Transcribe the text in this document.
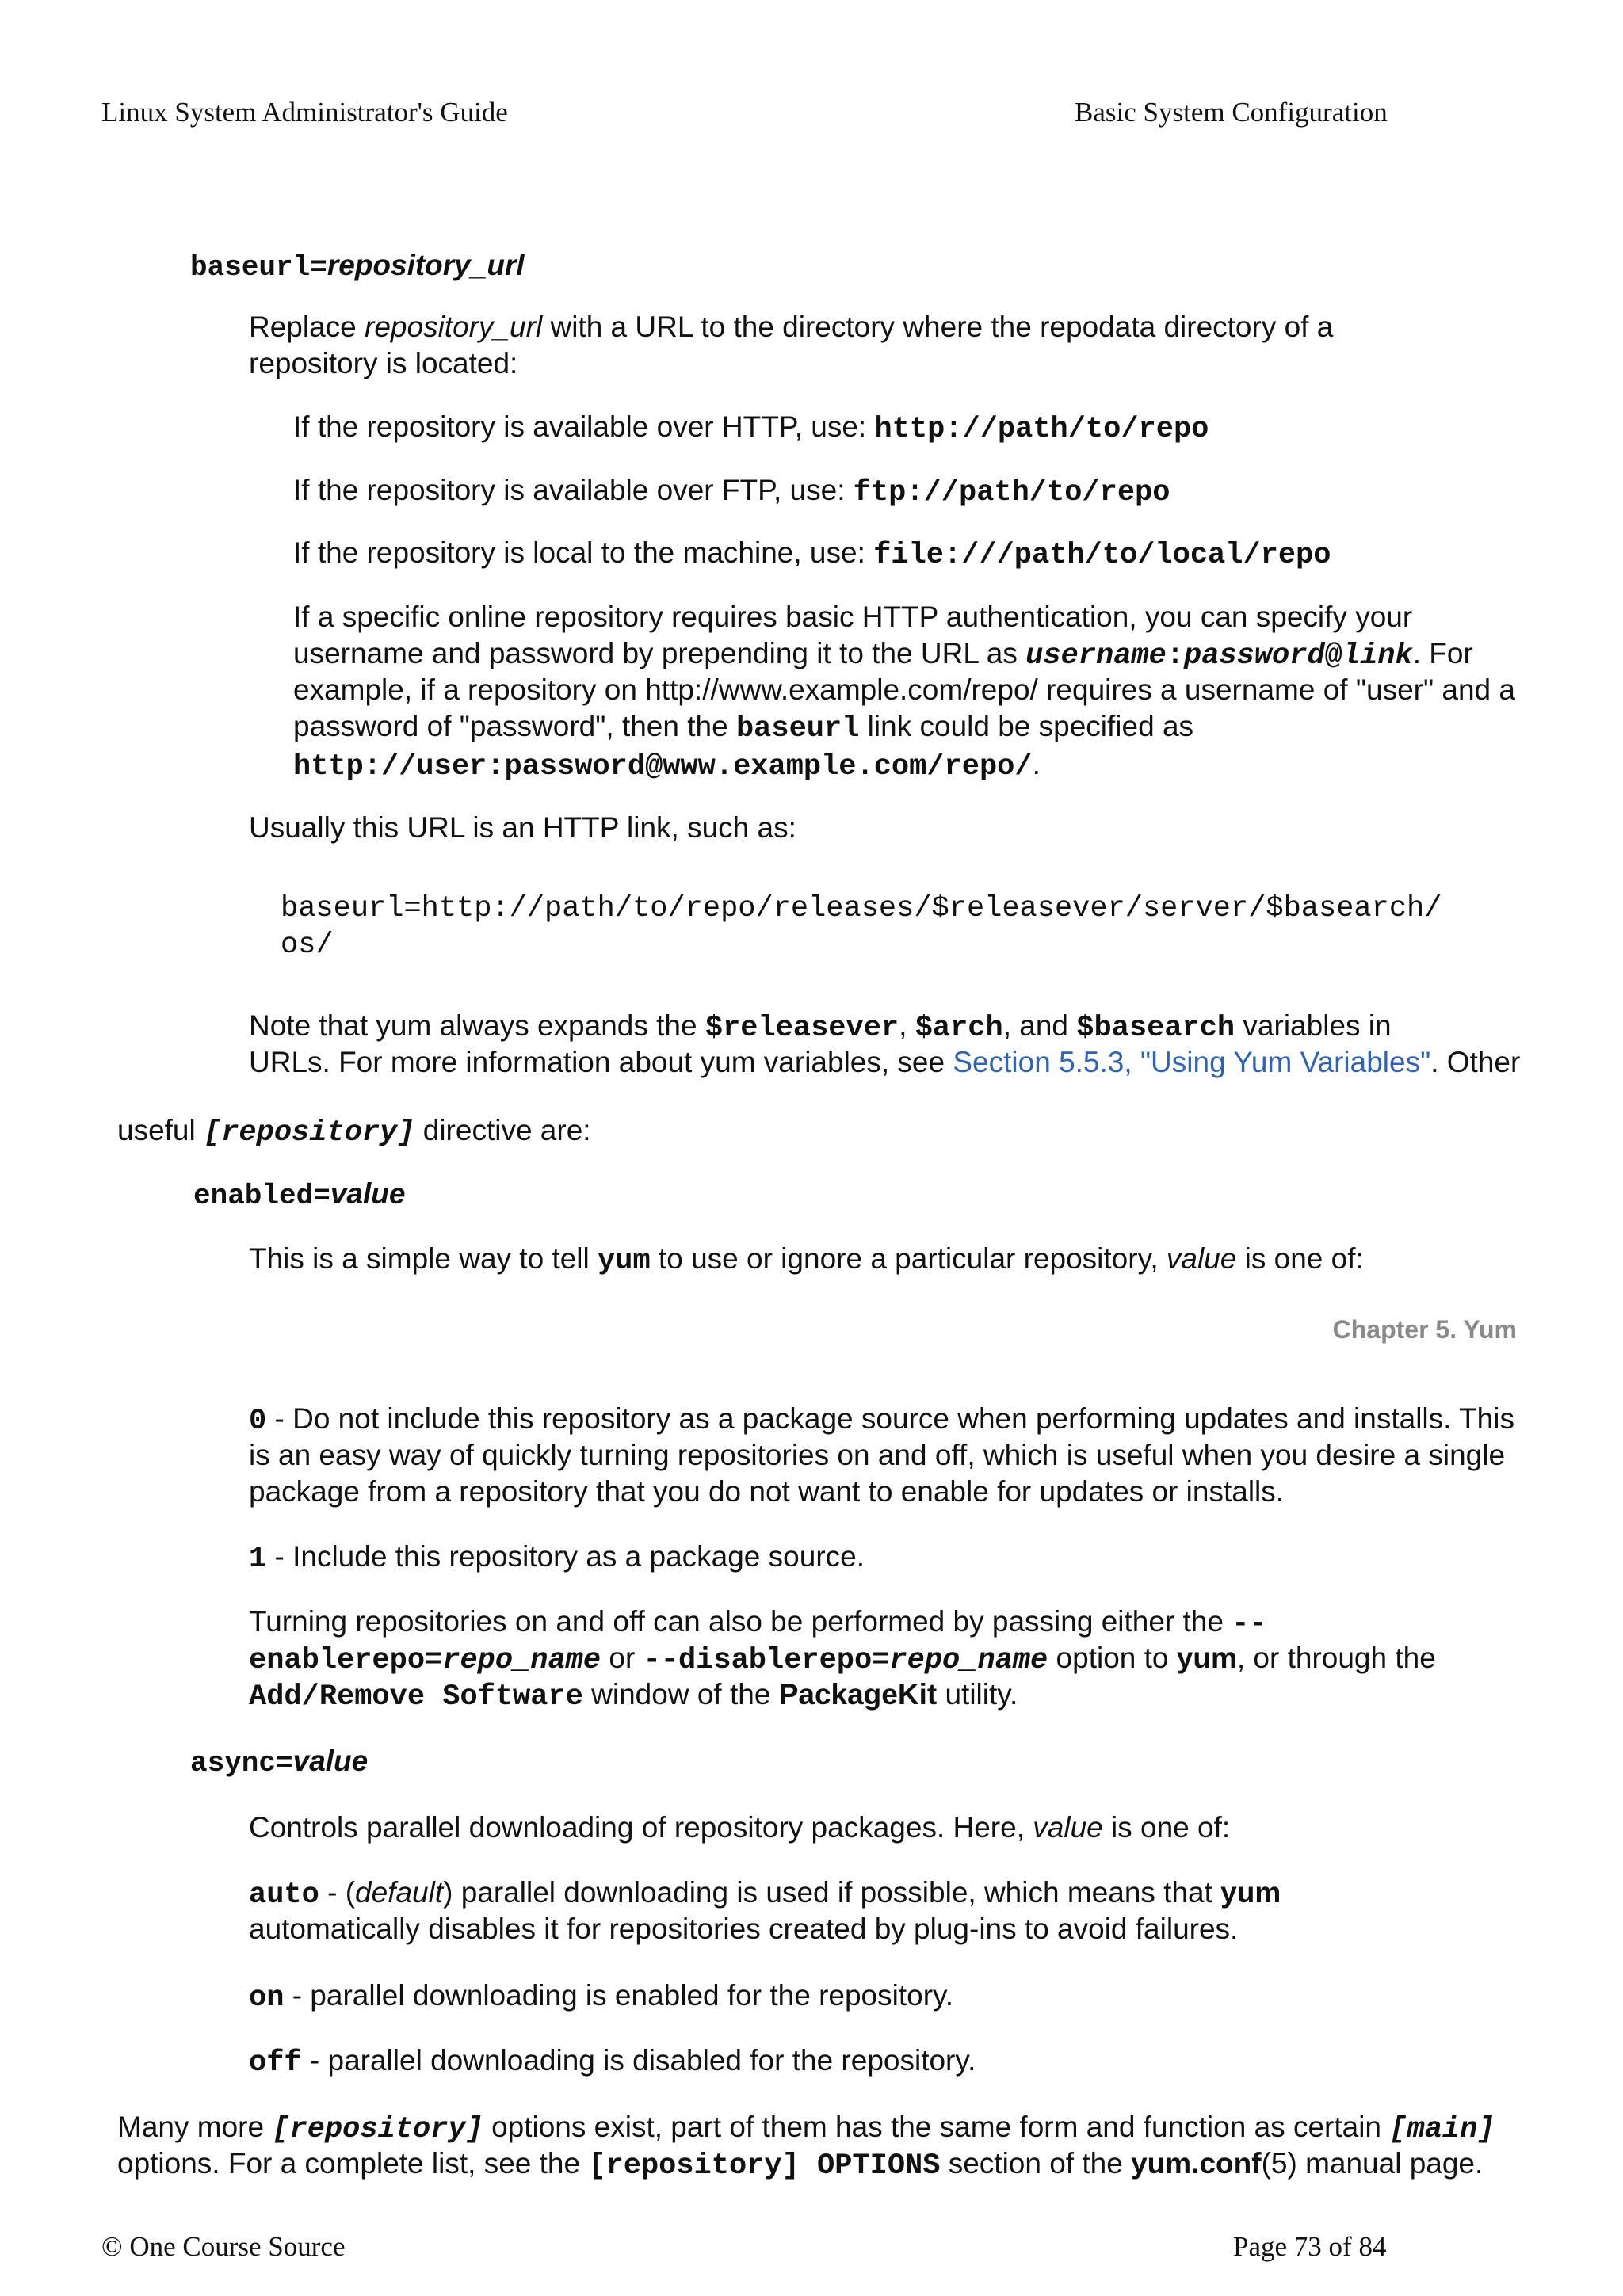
Linux System Administrator's Guide	Basic System Configuration
baseurl=repository_url
Replace repository_url with a URL to the directory where the repodata directory of a
repository is located:
If the repository is available over HTTP, use: http://path/to/repo
If the repository is available over FTP, use: ftp://path/to/repo
If the repository is local to the machine, use: file:///path/to/local/repo
If a specific online repository requires basic HTTP authentication, you can specify your
username and password by prepending it to the URL as username:password@link. For
example, if a repository on http://www.example.com/repo/ requires a username of "user" and a
password of "password", then the baseurl link could be specified as
http://user:password@www.example.com/repo/.
Usually this URL is an HTTP link, such as:
baseurl=http://path/to/repo/releases/$releasever/server/$basearch/
os/
Note that yum always expands the $releasever, $arch, and $basearch variables in
URLs. For more information about yum variables, see Section 5.5.3, "Using Yum Variables". Other
useful [repository] directive are:
enabled=value
This is a simple way to tell yum to use or ignore a particular repository, value is one of:
Chapter 5. Yum
0 - Do not include this repository as a package source when performing updates and installs. This
is an easy way of quickly turning repositories on and off, which is useful when you desire a single
package from a repository that you do not want to enable for updates or installs.
1 - Include this repository as a package source.
Turning repositories on and off can also be performed by passing either the --
enablerepo=repo_name or --disablerepo=repo_name option to yum, or through the
Add/Remove Software window of the PackageKit utility.
async=value
Controls parallel downloading of repository packages. Here, value is one of:
auto - (default) parallel downloading is used if possible, which means that yum
automatically disables it for repositories created by plug-ins to avoid failures.
on - parallel downloading is enabled for the repository.
off - parallel downloading is disabled for the repository.
Many more [repository] options exist, part of them has the same form and function as certain [main]
options. For a complete list, see the [repository] OPTIONS section of the yum.conf(5) manual page.
© One Course Source	Page 73 of 84
